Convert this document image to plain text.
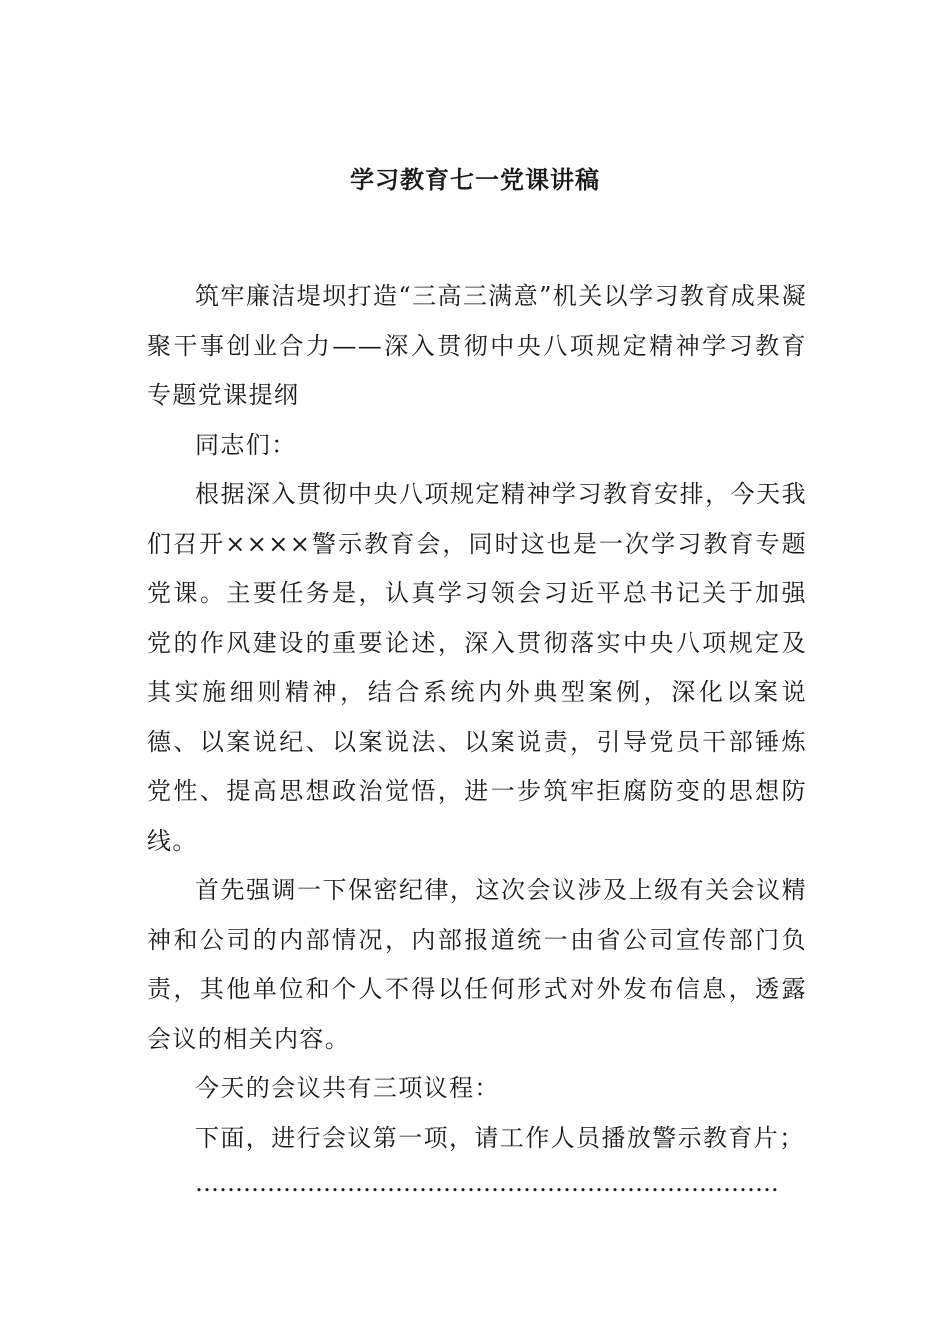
学习教育七一党课讲稿

筑牢廉洁堤坝打造“三高三满意”机关以学习教育成果凝聚干事创业合力——深入贯彻中央八项规定精神学习教育专题党课提纲

同志们：

根据深入贯彻中央八项规定精神学习教育安排，今天我们召开××××警示教育会，同时这也是一次学习教育专题党课。主要任务是，认真学习领会习近平总书记关于加强党的作风建设的重要论述，深入贯彻落实中央八项规定及其实施细则精神，结合系统内外典型案例，深化以案说德、以案说纪、以案说法、以案说责，引导党员干部锤炼党性、提高思想政治觉悟，进一步筑牢拒腐防变的思想防线。

首先强调一下保密纪律，这次会议涉及上级有关会议精神和公司的内部情况，内部报道统一由省公司宣传部门负责，其他单位和个人不得以任何形式对外发布信息，透露会议的相关内容。

今天的会议共有三项议程：

下面，进行会议第一项，请工作人员播放警示教育片；

……………………………………………………………….
